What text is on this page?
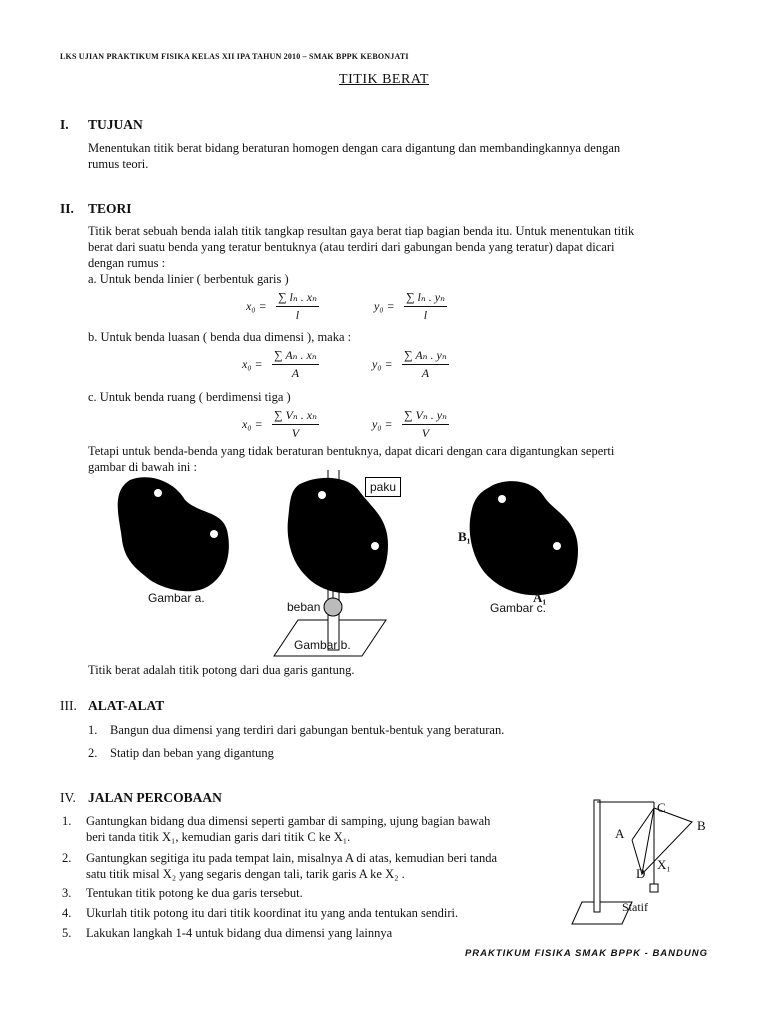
LKS UJIAN PRAKTIKUM FISIKA KELAS XII IPA TAHUN 2010 – SMAK BPPK KEBONJATI
TITIK BERAT
I. TUJUAN
Menentukan titik berat bidang beraturan homogen dengan cara digantung dan membandingkannya dengan
rumus teori.
II. TEORI
Titik berat sebuah benda ialah titik tangkap resultan gaya berat tiap bagian benda itu. Untuk menentukan titik
berat dari suatu benda yang teratur bentuknya (atau terdiri dari gabungan benda yang teratur) dapat dicari
dengan rumus :
a. Untuk benda linier ( berbentuk garis )
$x_0 = \frac{\text{∑ lₙ . xₙ}}{l}$	$y_0 = \frac{\text{∑ lₙ . yₙ}}{l}$
b. Untuk benda luasan ( benda dua dimensi ), maka :
$x_0 = \frac{\text{∑ Aₙ . xₙ}}{A}$	$y_0 = \frac{\text{∑ Aₙ . yₙ}}{A}$
c. Untuk benda ruang ( berdimensi tiga )
$x_0 = \frac{\text{∑ Vₙ . xₙ}}{V}$	$y_0 = \frac{\text{∑ Vₙ . yₙ}}{V}$
Tetapi untuk benda-benda yang tidak beraturan bentuknya, dapat dicari dengan cara digantungkan seperti
gambar di bawah ini :
Gambar a.
paku
beban
Gambar b.
B₁
A₁
Gambar c.
Titik berat adalah titik potong dari dua garis gantung.
III. ALAT-ALAT
1. Bangun dua dimensi yang terdiri dari gabungan bentuk-bentuk yang beraturan.
2. Statip dan beban yang digantung
IV. JALAN PERCOBAAN
1. Gantungkan bidang dua dimensi seperti gambar di samping, ujung bagian bawah
beri tanda titik X₁, kemudian garis dari titik C ke X₁.
2. Gantungkan segitiga itu pada tempat lain, misalnya A di atas, kemudian beri tanda
satu titik misal X₂ yang segaris dengan tali, tarik garis A ke X₂ .
3. Tentukan titik potong ke dua garis tersebut.
4. Ukurlah titik potong itu dari titik koordinat itu yang anda tentukan sendiri.
5. Lakukan langkah 1-4 untuk bidang dua dimensi yang lainnya
C
B
A
D
X₁
Statif
PRAKTIKUM FISIKA SMAK BPPK - BANDUNG
